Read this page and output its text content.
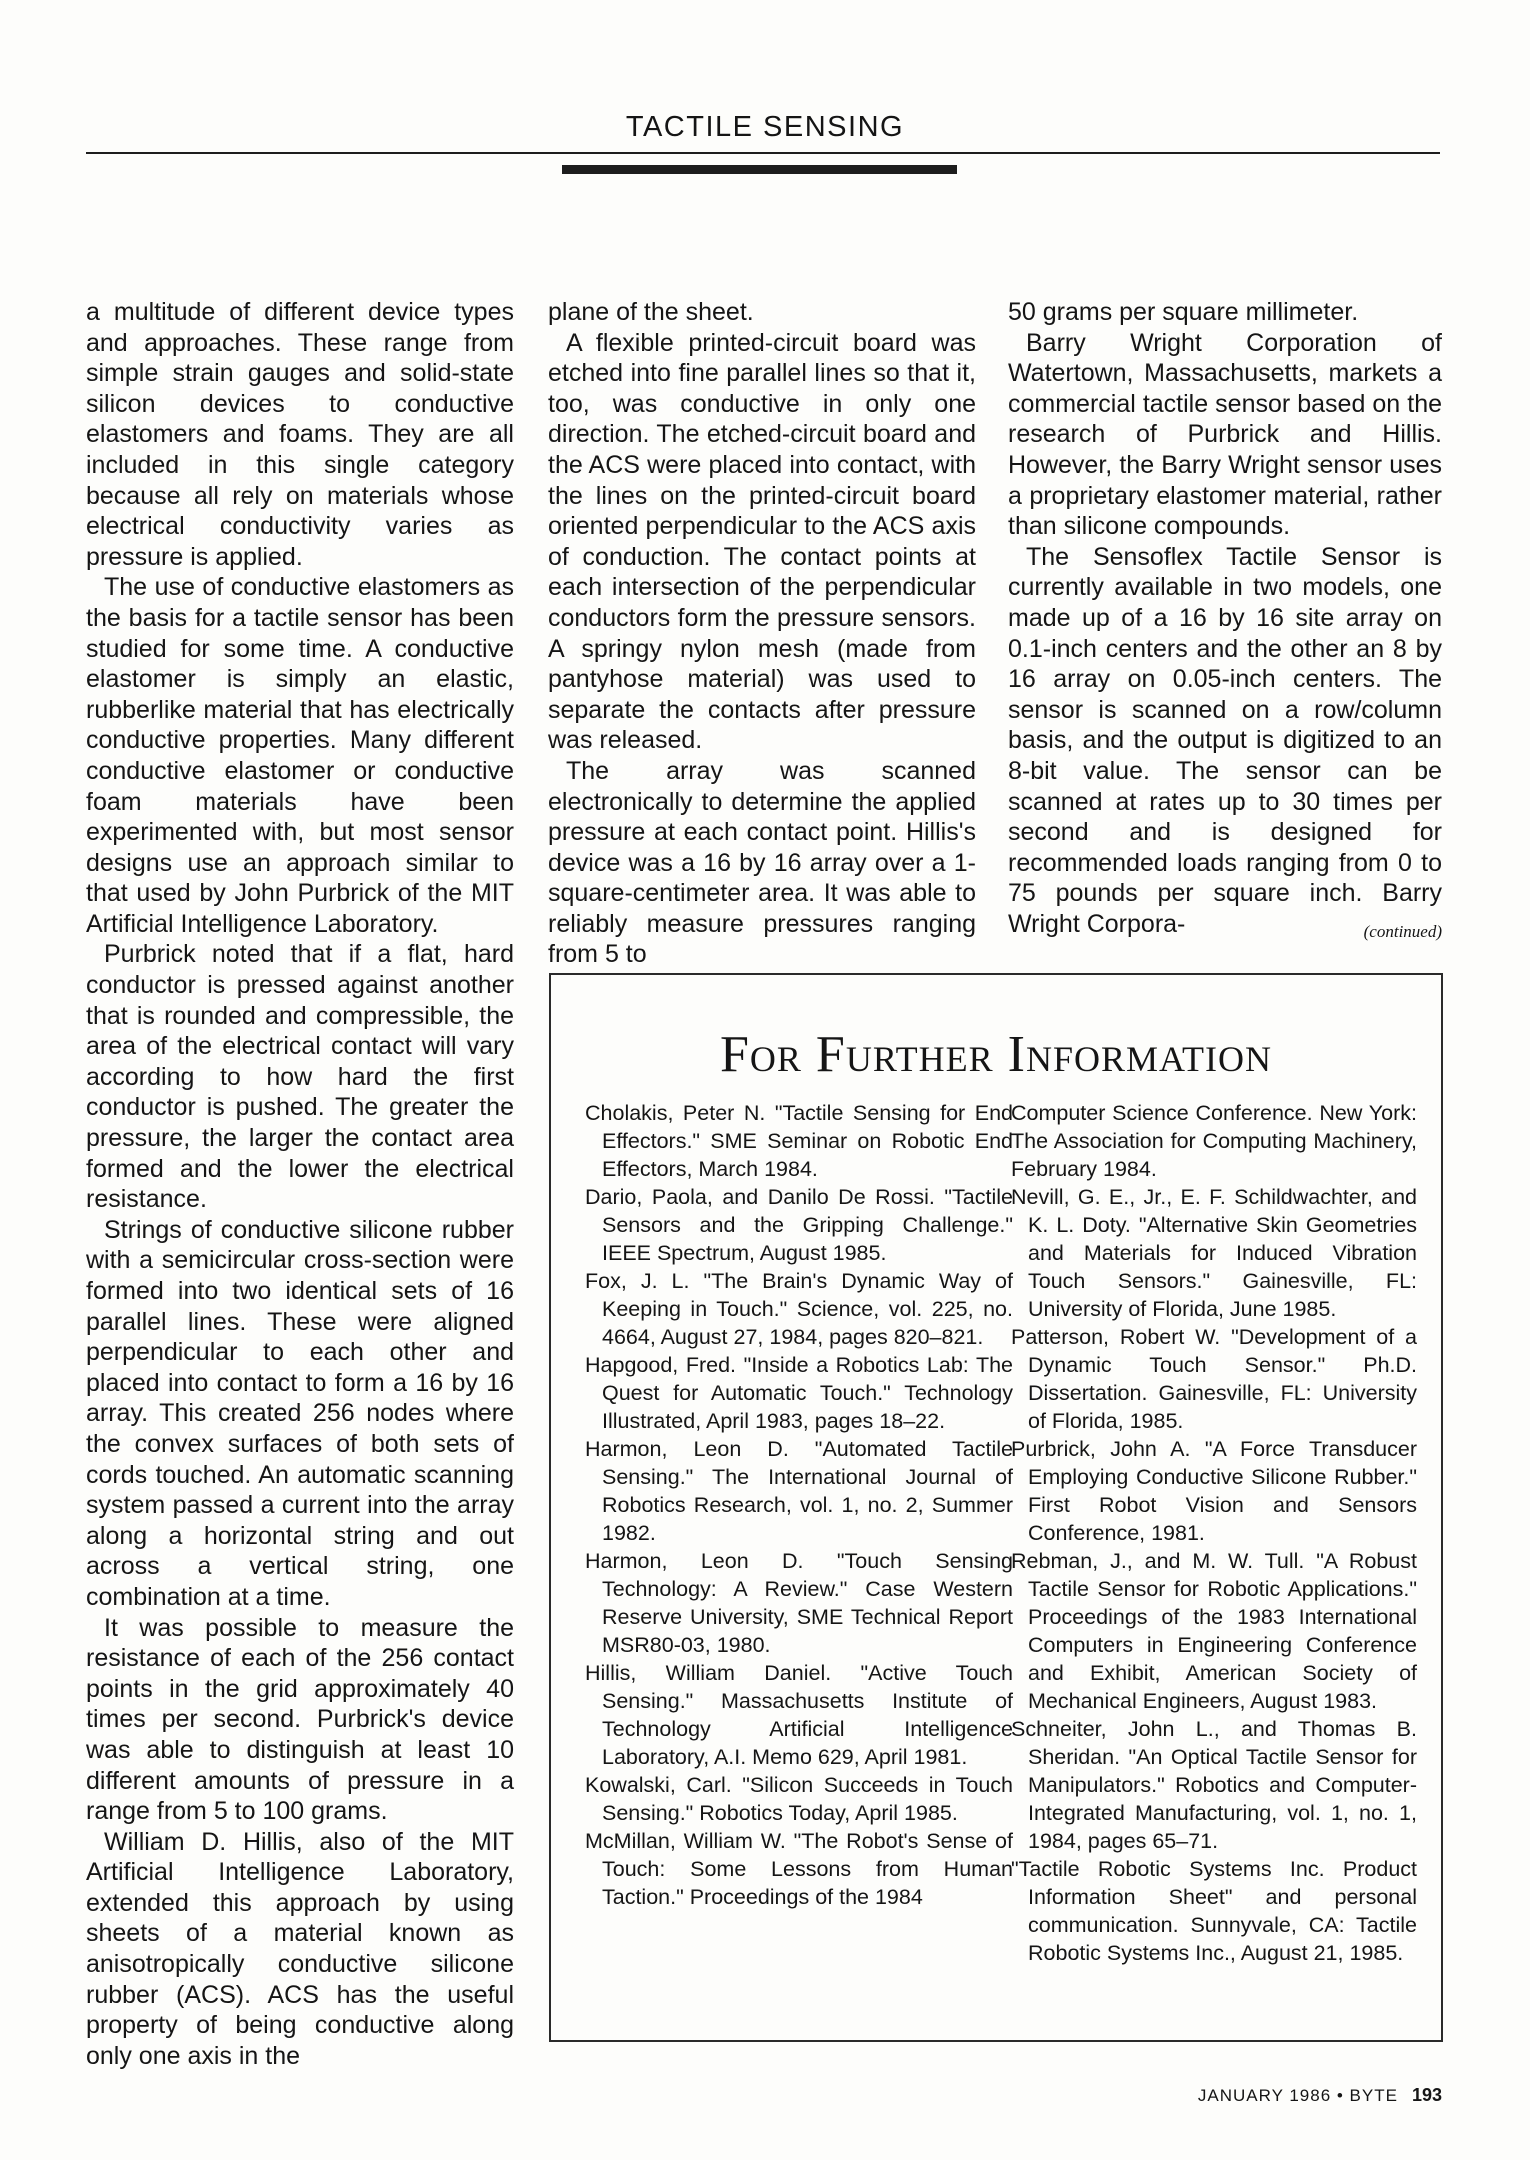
TACTILE SENSING

a multitude of different device types and approaches. These range from simple strain gauges and solid-state silicon devices to conductive elastomers and foams. They are all included in this single category because all rely on materials whose electrical conductivity varies as pressure is applied.

The use of conductive elastomers as the basis for a tactile sensor has been studied for some time. A conductive elastomer is simply an elastic, rubberlike material that has electrically conductive properties. Many different conductive elastomer or conductive foam materials have been experimented with, but most sensor designs use an approach similar to that used by John Purbrick of the MIT Artificial Intelligence Laboratory.

Purbrick noted that if a flat, hard conductor is pressed against another that is rounded and compressible, the area of the electrical contact will vary according to how hard the first conductor is pushed. The greater the pressure, the larger the contact area formed and the lower the electrical resistance.

Strings of conductive silicone rubber with a semicircular cross-section were formed into two identical sets of 16 parallel lines. These were aligned perpendicular to each other and placed into contact to form a 16 by 16 array. This created 256 nodes where the convex surfaces of both sets of cords touched. An automatic scanning system passed a current into the array along a horizontal string and out across a vertical string, one combination at a time.

It was possible to measure the resistance of each of the 256 contact points in the grid approximately 40 times per second. Purbrick's device was able to distinguish at least 10 different amounts of pressure in a range from 5 to 100 grams.

William D. Hillis, also of the MIT Artificial Intelligence Laboratory, extended this approach by using sheets of a material known as anisotropically conductive silicone rubber (ACS). ACS has the useful property of being conductive along only one axis in the

plane of the sheet.

A flexible printed-circuit board was etched into fine parallel lines so that it, too, was conductive in only one direction. The etched-circuit board and the ACS were placed into contact, with the lines on the printed-circuit board oriented perpendicular to the ACS axis of conduction. The contact points at each intersection of the perpendicular conductors form the pressure sensors. A springy nylon mesh (made from pantyhose material) was used to separate the contacts after pressure was released.

The array was scanned electronically to determine the applied pressure at each contact point. Hillis's device was a 16 by 16 array over a 1-square-centimeter area. It was able to reliably measure pressures ranging from 5 to

50 grams per square millimeter.

Barry Wright Corporation of Watertown, Massachusetts, markets a commercial tactile sensor based on the research of Purbrick and Hillis. However, the Barry Wright sensor uses a proprietary elastomer material, rather than silicone compounds.

The Sensoflex Tactile Sensor is currently available in two models, one made up of a 16 by 16 site array on 0.1-inch centers and the other an 8 by 16 array on 0.05-inch centers. The sensor is scanned on a row/column basis, and the output is digitized to an 8-bit value. The sensor can be scanned at rates up to 30 times per second and is designed for recommended loads ranging from 0 to 75 pounds per square inch. Barry Wright Corpora-	(continued)
For Further Information

Cholakis, Peter N. "Tactile Sensing for End Effectors." SME Seminar on Robotic End Effectors, March 1984.

Dario, Paola, and Danilo De Rossi. "Tactile Sensors and the Gripping Challenge." IEEE Spectrum, August 1985.

Fox, J. L. "The Brain's Dynamic Way of Keeping in Touch." Science, vol. 225, no. 4664, August 27, 1984, pages 820–821.

Hapgood, Fred. "Inside a Robotics Lab: The Quest for Automatic Touch." Technology Illustrated, April 1983, pages 18–22.

Harmon, Leon D. "Automated Tactile Sensing." The International Journal of Robotics Research, vol. 1, no. 2, Summer 1982.

Harmon, Leon D. "Touch Sensing Technology: A Review." Case Western Reserve University, SME Technical Report MSR80-03, 1980.

Hillis, William Daniel. "Active Touch Sensing." Massachusetts Institute of Technology Artificial Intelligence Laboratory, A.I. Memo 629, April 1981.

Kowalski, Carl. "Silicon Succeeds in Touch Sensing." Robotics Today, April 1985.

McMillan, William W. "The Robot's Sense of Touch: Some Lessons from Human Taction." Proceedings of the 1984

Computer Science Conference. New York: The Association for Computing Machinery, February 1984.

Nevill, G. E., Jr., E. F. Schildwachter, and K. L. Doty. "Alternative Skin Geometries and Materials for Induced Vibration Touch Sensors." Gainesville, FL: University of Florida, June 1985.

Patterson, Robert W. "Development of a Dynamic Touch Sensor." Ph.D. Dissertation. Gainesville, FL: University of Florida, 1985.

Purbrick, John A. "A Force Transducer Employing Conductive Silicone Rubber." First Robot Vision and Sensors Conference, 1981.

Rebman, J., and M. W. Tull. "A Robust Tactile Sensor for Robotic Applications." Proceedings of the 1983 International Computers in Engineering Conference and Exhibit, American Society of Mechanical Engineers, August 1983.

Schneiter, John L., and Thomas B. Sheridan. "An Optical Tactile Sensor for Manipulators." Robotics and Computer-Integrated Manufacturing, vol. 1, no. 1, 1984, pages 65–71.

"Tactile Robotic Systems Inc. Product Information Sheet" and personal communication. Sunnyvale, CA: Tactile Robotic Systems Inc., August 21, 1985.

JANUARY 1986 • BYTE 193
